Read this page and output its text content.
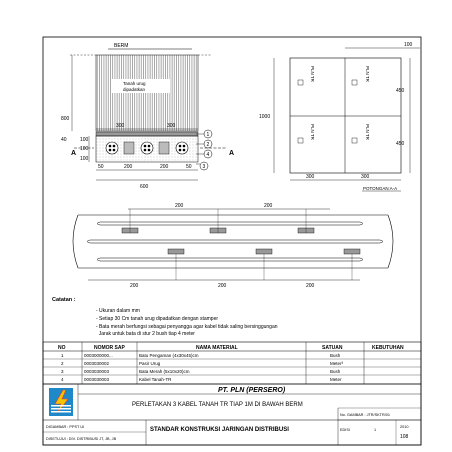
BERM
Tanah urug
dipadatkan
800
300	300
40	100
100
100
A	A
50	200	200	50
600
1
2
4
3
100
PLN TR	PLN TR
PLN TR	PLN TR
1000
450
450
300	300
POTONGAN A-A
200	200
200	200	200
Catatan :
- Ukuran dalam mm
- Setiap 30 Cm tanah urug dipadatkan dengan stamper
- Bata merah berfungsi sebagai penyangga agar kabel tidak saling bersinggungan
Jarak untuk bata di stur 2 bush tiap 4 meter
NO	NOMOR SAP	NAMA MATERIAL	SATUAN	KEBUTUHAN
1	0003000000...	Batu Pengaman (4x30x45)cm	Bush
2	0003030002	Pasir Urug	Meter³
3	0003030003	Bata Merah (5x10x20)cm	Bush
4	0003030003	Kabel Tanah-TR	Meter
PT. PLN (PERSERO)
PERLETAKAN 3 KABEL TANAH TR TIAP 1M DI BAWAH BERM
DIGAMBAR : PPST UI
DISETUJUI : DIV. DISTRIBUSI JT, JB, JB
STANDAR KONSTRUKSI JARINGAN DISTRIBUSI
No. GAMBAR : JTR/SKTR/01
EDISI	1
2010
108
